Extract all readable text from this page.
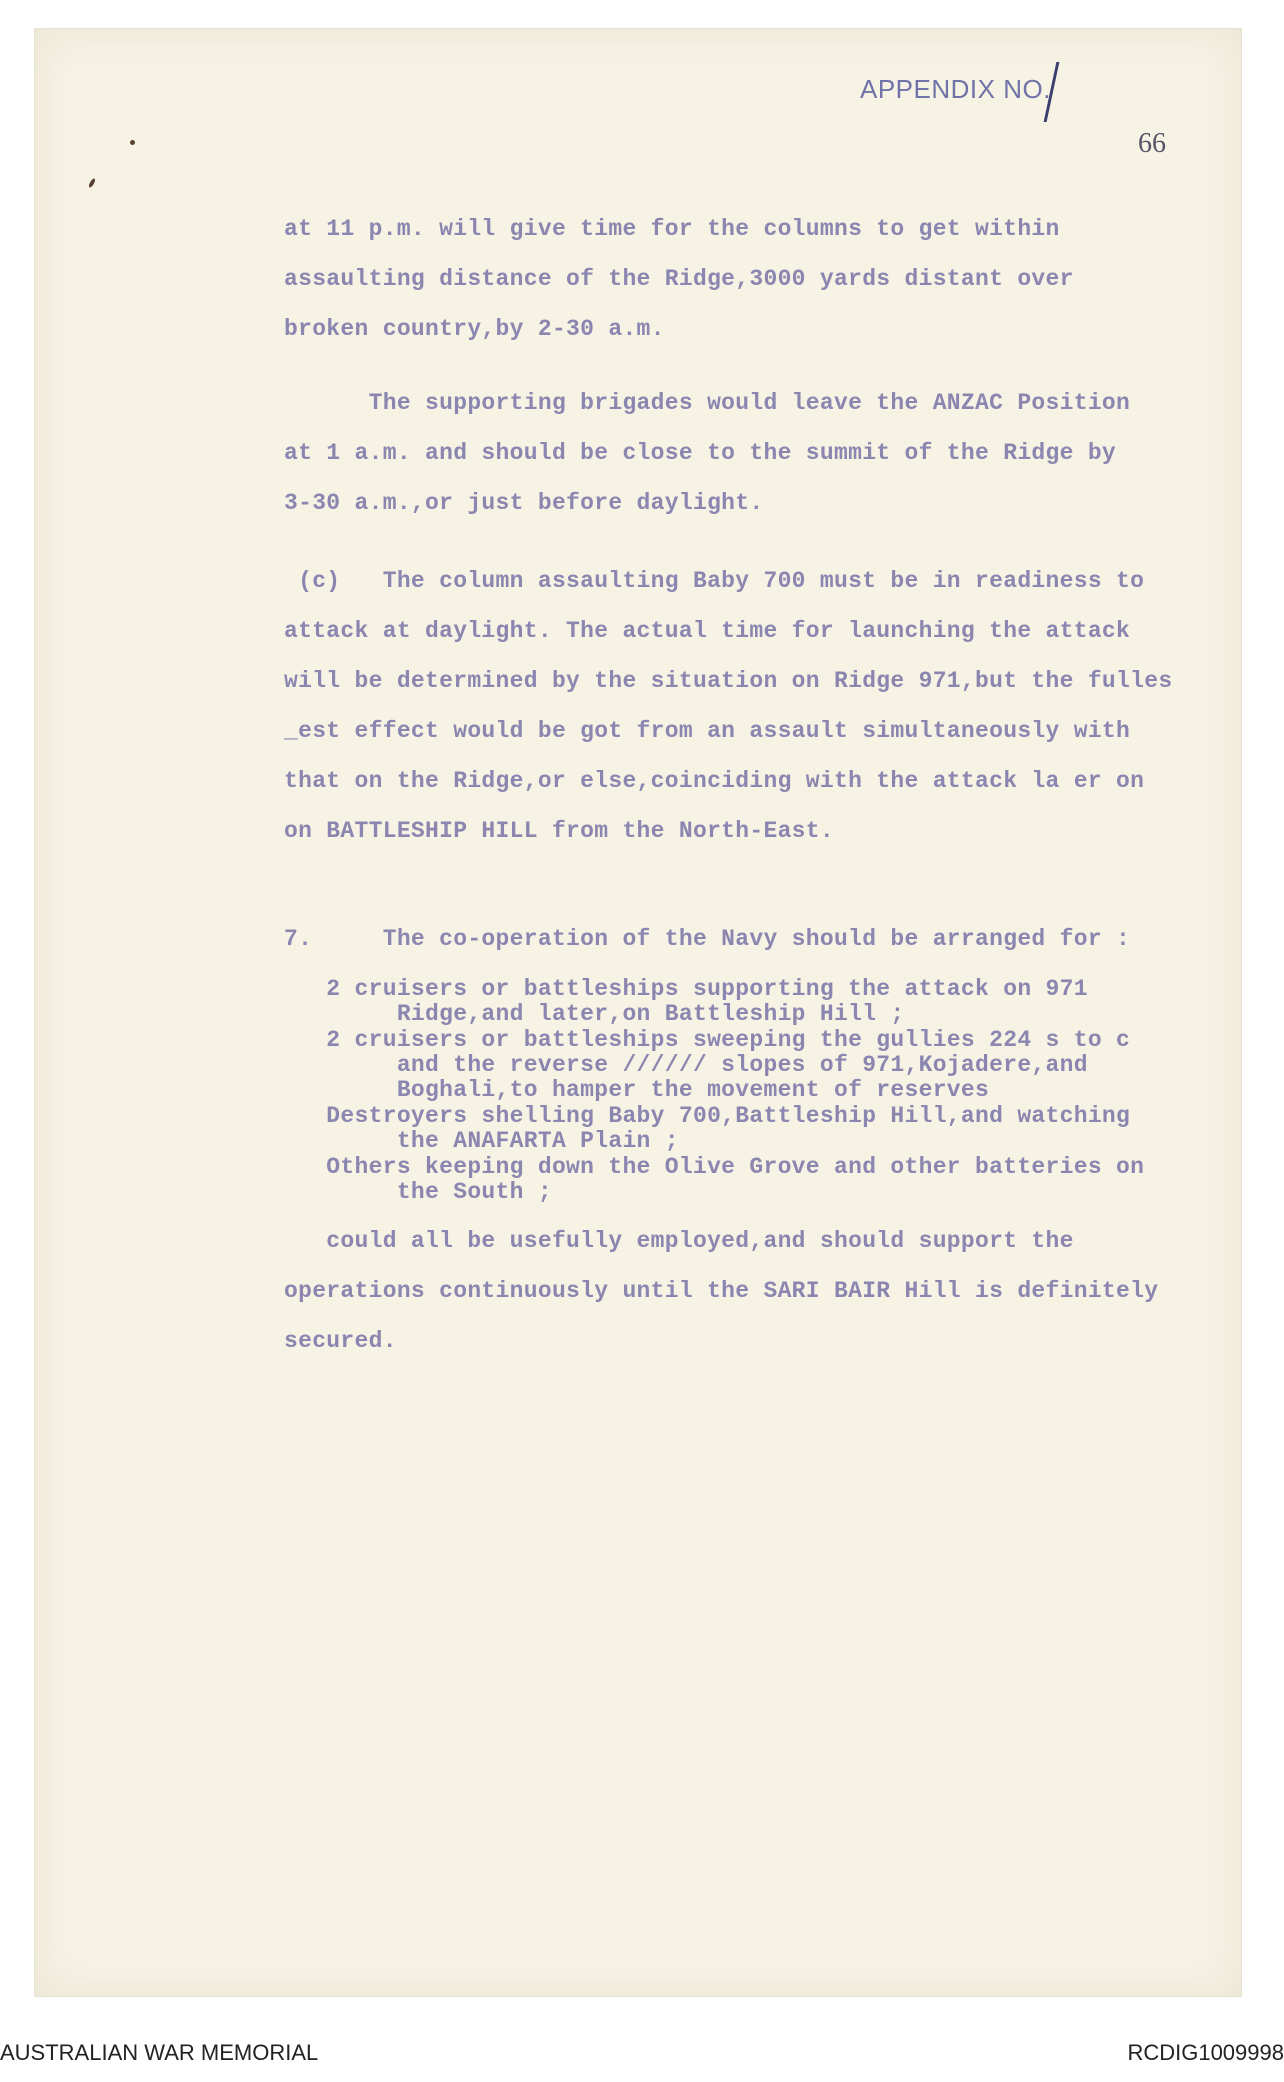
APPENDIX NO.
66

at 11 p.m. will give time for the columns to get within

assaulting distance of the Ridge,3000 yards distant over

broken country,by 2-30 a.m.

The supporting brigades would leave the ANZAC Position

at 1 a.m. and should be close to the summit of the Ridge by

3-30 a.m.,or just before daylight.

(c)   The column assaulting Baby 700 must be in readiness to

attack at daylight. The actual time for launching the attack

will be determined by the situation on Ridge 971,but the fulles

_est effect would be got from an assault simultaneously with

that on the Ridge,or else,coinciding with the attack la er on

on BATTLESHIP HILL from the North-East.

7.     The co-operation of the Navy should be arranged for :

2 cruisers or battleships supporting the attack on 971

Ridge,and later,on Battleship Hill ;

2 cruisers or battleships sweeping the gullies 224 s to c

and the reverse ////// slopes of 971,Kojadere,and

Boghali,to hamper the movement of reserves

Destroyers shelling Baby 700,Battleship Hill,and watching

the ANAFARTA Plain ;

Others keeping down the Olive Grove and other batteries on

the South ;

could all be usefully employed,and should support the

operations continuously until the SARI BAIR Hill is definitely

secured.

AUSTRALIAN WAR MEMORIAL	RCDIG1009998
